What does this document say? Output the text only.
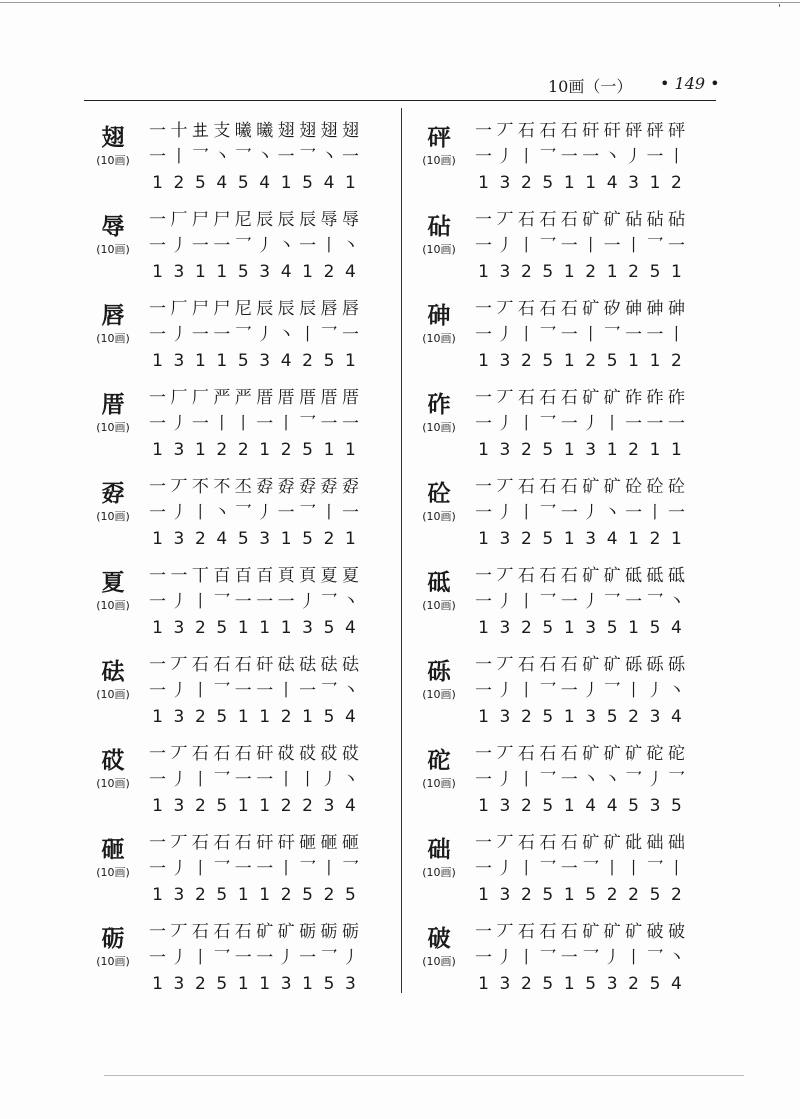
'
10画（一） • 149 •
翅
(10画)
一 十 𠀎 支 𣌀 𣌀 翅 翅 翅 翅
一 丨 乛 丶 乛 丶 一 乛 丶 一
1 2 5 4 5 4 1 5 4 1
辱
(10画)
一 厂 尸 尸 尼 辰 辰 辰 辱 辱
一 丿 一 一 乛 丿 丶 一 丨 丶
1 3 1 1 5 3 4 1 2 4
唇
(10画)
一 厂 尸 尸 尼 辰 辰 辰 唇 唇
一 丿 一 一 乛 丿 丶 丨 乛 一
1 3 1 1 5 3 4 2 5 1
厝
(10画)
一 厂 厂 严 严 厝 厝 厝 厝 厝
一 丿 一 丨 丨 一 丨 乛 一 一
1 3 1 2 2 1 2 5 1 1
孬
(10画)
一 丆 不 不 丕 孬 孬 孬 孬 孬
一 丿 丨 丶 乛 丿 一 乛 丨 一
1 3 2 4 5 3 1 5 2 1
夏
(10画)
一 一 丅 百 百 百 頁 頁 夏 夏
一 丿 丨 乛 一 一 一 丿 乛 丶
1 3 2 5 1 1 1 3 5 4
砝
(10画)
一 丆 石 石 石 矸 砝 砝 砝 砝
一 丿 丨 乛 一 一 丨 一 乛 丶
1 3 2 5 1 1 2 1 5 4
砹
(10画)
一 丆 石 石 石 矸 砹 砹 砹 砹
一 丿 丨 乛 一 一 丨 丨 丿 丶
1 3 2 5 1 1 2 2 3 4
砸
(10画)
一 丆 石 石 石 矸 矸 砸 砸 砸
一 丿 丨 乛 一 一 丨 乛 丨 乛
1 3 2 5 1 1 2 5 2 5
砺
(10画)
一 丆 石 石 石 矿 矿 砺 砺 砺
一 丿 丨 乛 一 一 丿 一 乛 丿
1 3 2 5 1 1 3 1 5 3
砰
(10画)
一 丆 石 石 石 矸 矸 砰 砰 砰
一 丿 丨 乛 一 一 丶 丿 一 丨
1 3 2 5 1 1 4 3 1 2
砧
(10画)
一 丆 石 石 石 矿 矿 砧 砧 砧
一 丿 丨 乛 一 丨 一 丨 乛 一
1 3 2 5 1 2 1 2 5 1
砷
(10画)
一 丆 石 石 石 矿 矽 砷 砷 砷
一 丿 丨 乛 一 丨 乛 一 一 丨
1 3 2 5 1 2 5 1 1 2
砟
(10画)
一 丆 石 石 石 矿 矿 砟 砟 砟
一 丿 丨 乛 一 丿 丨 一 一 一
1 3 2 5 1 3 1 2 1 1
砼
(10画)
一 丆 石 石 石 矿 矿 砼 砼 砼
一 丿 丨 乛 一 丿 丶 一 丨 一
1 3 2 5 1 3 4 1 2 1
砥
(10画)
一 丆 石 石 石 矿 矿 砥 砥 砥
一 丿 丨 乛 一 丿 乛 一 乛 丶
1 3 2 5 1 3 5 1 5 4
砾
(10画)
一 丆 石 石 石 矿 矿 砾 砾 砾
一 丿 丨 乛 一 丿 乛 丨 丿 丶
1 3 2 5 1 3 5 2 3 4
砣
(10画)
一 丆 石 石 石 矿 矿 矿 砣 砣
一 丿 丨 乛 一 丶 丶 乛 丿 乛
1 3 2 5 1 4 4 5 3 5
础
(10画)
一 丆 石 石 石 矿 矿 砒 础 础
一 丿 丨 乛 一 乛 丨 丨 乛 丨
1 3 2 5 1 5 2 2 5 2
破
(10画)
一 丆 石 石 石 矿 矿 矿 破 破
一 丿 丨 乛 一 乛 丿 丨 乛 丶
1 3 2 5 1 5 3 2 5 4
